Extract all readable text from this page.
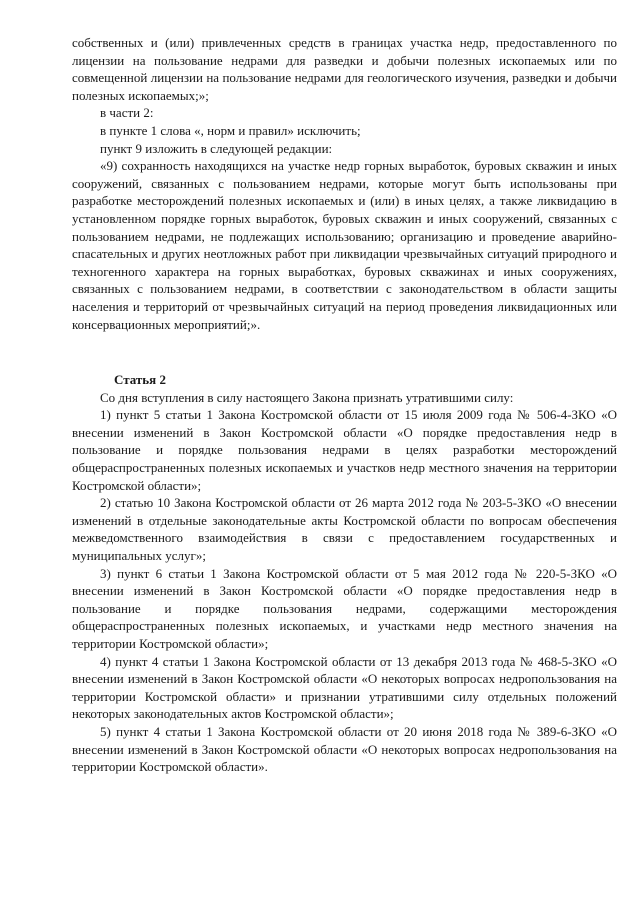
собственных и (или) привлеченных средств в границах участка недр, предоставленного по лицензии на пользование недрами для разведки и добычи полезных ископаемых или по совмещенной лицензии на пользование недрами для геологического изучения, разведки и добычи полезных ископаемых;»;

в части 2:

в пункте 1 слова «, норм и правил» исключить;

пункт 9 изложить в следующей редакции:

«9) сохранность находящихся на участке недр горных выработок, буровых скважин и иных сооружений, связанных с пользованием недрами, которые могут быть использованы при разработке месторождений полезных ископаемых и (или) в иных целях, а также ликвидацию в установленном порядке горных выработок, буровых скважин и иных сооружений, связанных с пользованием недрами, не подлежащих использованию; организацию и проведение аварийно-спасательных и других неотложных работ при ликвидации чрезвычайных ситуаций природного и техногенного характера на горных выработках, буровых скважинах и иных сооружениях, связанных с пользованием недрами, в соответствии с законодательством в области защиты населения и территорий от чрезвычайных ситуаций на период проведения ликвидационных или консервационных мероприятий;».

Статья 2

Со дня вступления в силу настоящего Закона признать утратившими силу:

1) пункт 5 статьи 1 Закона Костромской области от 15 июля 2009 года № 506-4-ЗКО «О внесении изменений в Закон Костромской области «О порядке предоставления недр в пользование и порядке пользования недрами в целях разработки месторождений общераспространенных полезных ископаемых и участков недр местного значения на территории Костромской области»;

2) статью 10 Закона Костромской области от 26 марта 2012 года № 203-5-ЗКО «О внесении изменений в отдельные законодательные акты Костромской области по вопросам обеспечения межведомственного взаимодействия в связи с предоставлением государственных и муниципальных услуг»;

3) пункт 6 статьи 1 Закона Костромской области от 5 мая 2012 года № 220-5-ЗКО «О внесении изменений в Закон Костромской области «О порядке предоставления недр в пользование и порядке пользования недрами, содержащими месторождения общераспространенных полезных ископаемых, и участками недр местного значения на территории Костромской области»;

4) пункт 4 статьи 1 Закона Костромской области от 13 декабря 2013 года № 468-5-ЗКО «О внесении изменений в Закон Костромской области «О некоторых вопросах недропользования на территории Костромской области» и признании утратившими силу отдельных положений некоторых законодательных актов Костромской области»;

5) пункт 4 статьи 1 Закона Костромской области от 20 июня 2018 года № 389-6-ЗКО «О внесении изменений в Закон Костромской области «О некоторых вопросах недропользования на территории Костромской области».
